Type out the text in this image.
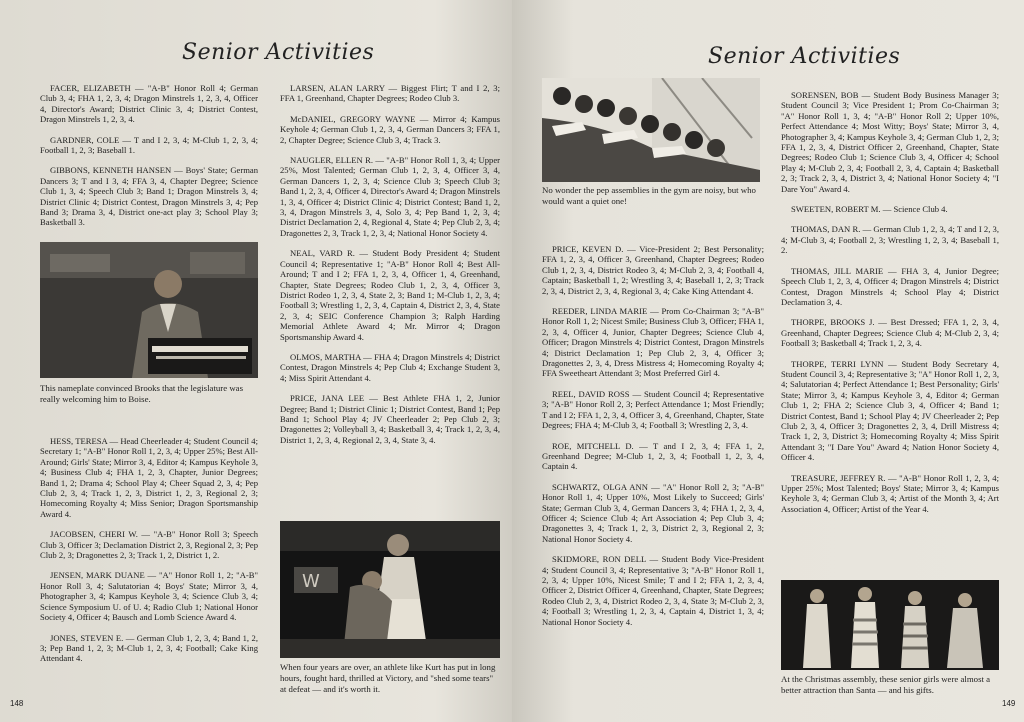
Senior Activities

FACER, ELIZABETH — "A-B" Honor Roll 4; German Club 3, 4; FHA 1, 2, 3, 4; Dragon Minstrels 1, 2, 3, 4, Officer 4, Director's Award; District Clinic 3, 4; District Contest, Dragon Minstrels 1, 2, 3, 4.

GARDNER, COLE — T and I 2, 3, 4; M-Club 1, 2, 3, 4; Football 1, 2, 3; Baseball 1.

GIBBONS, KENNETH HANSEN — Boys' State; German Dancers 3; T and I 3, 4; FFA 3, 4, Chapter Degree; Science Club 1, 3, 4; Speech Club 3; Band 1; Dragon Minstrels 3, 4; District Clinic 4; District Contest, Dragon Minstrels 3, 4; Pep Band 3; Drama 3, 4, District one-act play 3; School Play 3; Basketball 3.

This nameplate convinced Brooks that the legislature was really welcoming him to Boise.

HESS, TERESA — Head Cheerleader 4; Student Council 4; Secretary 1; "A-B" Honor Roll 1, 2, 3, 4; Upper 25%; Best All-Around; Girls' State; Mirror 3, 4, Editor 4; Kampus Keyhole 3, 4; Business Club 4; FHA 1, 2, 3, Chapter, Junior Degrees; Band 1, 2; Drama 4; School Play 4; Cheer Squad 2, 3, 4; Pep Club 2, 3, 4; Track 1, 2, 3, District 1, 2, 3, Regional 2, 3; Homecoming Royalty 4; Miss Senior; Dragon Sportsmanship Award 4.

JACOBSEN, CHERI W. — "A-B" Honor Roll 3; Speech Club 3, Officer 3; Declamation District 2, 3, Regional 2, 3; Pep Club 2, 3; Dragonettes 2, 3; Track 1, 2, District 1, 2.

JENSEN, MARK DUANE — "A" Honor Roll 1, 2; "A-B" Honor Roll 3, 4; Salutatorian 4; Boys' State; Mirror 3, 4, Photographer 3, 4; Kampus Keyhole 3, 4; Science Club 3, 4; Science Symposium U. of U. 4; Radio Club 1; National Honor Society 4, Officer 4; Bausch and Lomb Science Award 4.

JONES, STEVEN E. — German Club 1, 2, 3, 4; Band 1, 2, 3; Pep Band 1, 2, 3; M-Club 1, 2, 3, 4; Football; Cake King Attendant 4.

LARSEN, ALAN LARRY — Biggest Flirt; T and I 2, 3; FFA 1, Greenhand, Chapter Degrees; Rodeo Club 3.

McDANIEL, GREGORY WAYNE — Mirror 4; Kampus Keyhole 4; German Club 1, 2, 3, 4, German Dancers 3; FFA 1, 2, Chapter Degree; Science Club 3, 4; Track 3.

NAUGLER, ELLEN R. — "A-B" Honor Roll 1, 3, 4; Upper 25%, Most Talented; German Club 1, 2, 3, 4, Officer 3, 4, German Dancers 1, 2, 3, 4; Science Club 3; Speech Club 3; Band 1, 2, 3, 4, Officer 4, Director's Award 4; Dragon Minstrels 1, 3, 4, Officer 4; District Clinic 4; District Contest; Band 1, 2, 3, 4, Dragon Minstrels 3, 4, Solo 3, 4; Pep Band 1, 2, 3, 4; District Declamation 2, 4, Regional 4, State 4; Pep Club 2, 3, 4; Dragonettes 2, 3, Track 1, 2, 3, 4; National Honor Society 4.

NEAL, VARD R. — Student Body President 4; Student Council 4; Representative 1; "A-B" Honor Roll 4; Best All-Around; T and I 2; FFA 1, 2, 3, 4, Officer 1, 4, Greenhand, Chapter, State Degrees; Rodeo Club 1, 2, 3, 4, Officer 3, District Rodeo 1, 2, 3, 4, State 2, 3; Band 1; M-Club 1, 2, 3, 4; Football 3; Wrestling 1, 2, 3, 4, Captain 4, District 2, 3, 4, State 2, 3, 4; SEIC Conference Champion 3; Ralph Harding Memorial Athlete Award 4; Mr. Mirror 4; Dragon Sportsmanship Award 4.

OLMOS, MARTHA — FHA 4; Dragon Minstrels 4; District Contest, Dragon Minstrels 4; Pep Club 4; Exchange Student 3, 4; Miss Spirit Attendant 4.

PRICE, JANA LEE — Best Athlete FHA 1, 2, Junior Degree; Band 1; District Clinic 1; District Contest, Band 1; Pep Band 1; School Play 4; JV Cheerleader 2; Pep Club 2, 3; Dragonettes 2; Volleyball 3, 4; Basketball 3, 4; Track 1, 2, 3, 4, District 1, 2, 3, 4, Regional 2, 3, 4, State 3, 4.

W
When four years are over, an athlete like Kurt has put in long hours, fought hard, thrilled at Victory, and "shed some tears" at defeat — and it's worth it.
148
Senior Activities
No wonder the pep assemblies in the gym are noisy, but who would want a quiet one!

PRICE, KEVEN D. — Vice-President 2; Best Personality; FFA 1, 2, 3, 4, Officer 3, Greenhand, Chapter Degrees; Rodeo Club 1, 2, 3, 4, District Rodeo 3, 4; M-Club 2, 3, 4; Football 4, Captain; Basketball 1, 2; Wrestling 3, 4; Baseball 1, 2, 3; Track 2, 3, 4, District 2, 3, 4, Regional 3, 4; Cake King Attendant 4.

REEDER, LINDA MARIE — Prom Co-Chairman 3; "A-B" Honor Roll 1, 2; Nicest Smile; Business Club 3, Officer; FHA 1, 2, 3, 4, Officer 4, Junior, Chapter Degrees; Science Club 4, Officer; Dragon Minstrels 4; District Contest, Dragon Minstrels 4; District Declamation 1; Pep Club 2, 3, 4, Officer 3; Dragonettes 2, 3, 4, Dress Mistress 4; Homecoming Royalty 4; FFA Sweetheart Attendant 3; Most Preferred Girl 4.

REEL, DAVID ROSS — Student Council 4; Representative 3; "A-B" Honor Roll 2, 3; Perfect Attendance 1; Most Friendly; T and I 2; FFA 1, 2, 3, 4, Officer 3, 4, Greenhand, Chapter, State Degrees; FHA 4; M-Club 3, 4; Football 3; Wrestling 2, 3, 4.

ROE, MITCHELL D. — T and I 2, 3, 4; FFA 1, 2, Greenhand Degree; M-Club 1, 2, 3, 4; Football 1, 2, 3, 4, Captain 4.

SCHWARTZ, OLGA ANN — "A" Honor Roll 2, 3; "A-B" Honor Roll 1, 4; Upper 10%, Most Likely to Succeed; Girls' State; German Club 3, 4, German Dancers 3, 4; FHA 1, 2, 3, 4, Officer 4; Science Club 4; Art Association 4; Pep Club 3, 4; Dragonettes 3, 4; Track 1, 2, 3, District 2, 3, Regional 2, 3; National Honor Society 4.

SKIDMORE, RON DELL — Student Body Vice-President 4; Student Council 3, 4; Representative 3; "A-B" Honor Roll 1, 2, 3, 4; Upper 10%, Nicest Smile; T and I 2; FFA 1, 2, 3, 4, Officer 2, District Officer 4, Greenhand, Chapter, State Degrees; Rodeo Club 2, 3, 4, District Rodeo 2, 3, 4, State 3; M-Club 2, 3, 4; Football 3; Wrestling 1, 2, 3, 4, Captain 4, District 1, 3, 4; National Honor Society 4.

SORENSEN, BOB — Student Body Business Manager 3; Student Council 3; Vice President 1; Prom Co-Chairman 3; "A" Honor Roll 1, 3, 4; "A-B" Honor Roll 2; Upper 10%, Perfect Attendance 4; Most Witty; Boys' State; Mirror 3, 4, Photographer 3, 4; Kampus Keyhole 3, 4; German Club 1, 2, 3; FFA 1, 2, 3, 4, District Officer 2, Greenhand, Chapter, State Degrees; Rodeo Club 1; Science Club 3, 4, Officer 4; School Play 4; M-Club 2, 3, 4; Football 2, 3, 4, Captain 4; Basketball 2, 3; Track 2, 3, 4, District 3, 4; National Honor Society 4; "I Dare You" Award 4.

SWEETEN, ROBERT M. — Science Club 4.

THOMAS, DAN R. — German Club 1, 2, 3, 4; T and I 2, 3, 4; M-Club 3, 4; Football 2, 3; Wrestling 1, 2, 3, 4; Baseball 1, 2.

THOMAS, JILL MARIE — FHA 3, 4, Junior Degree; Speech Club 1, 2, 3, 4, Officer 4; Dragon Minstrels 4; District Contest, Dragon Minstrels 4; School Play 4; District Declamation 3, 4.

THORPE, BROOKS J. — Best Dressed; FFA 1, 2, 3, 4, Greenhand, Chapter Degrees; Science Club 4; M-Club 2, 3, 4; Football 3; Basketball 4; Track 1, 2, 3, 4.

THORPE, TERRI LYNN — Student Body Secretary 4, Student Council 3, 4; Representative 3; "A" Honor Roll 1, 2, 3, 4; Salutatorian 4; Perfect Attendance 1; Best Personality; Girls' State; Mirror 3, 4; Kampus Keyhole 3, 4, Editor 4; German Club 1, 2; FHA 2; Science Club 3, 4, Officer 4; Band 1; District Contest, Band 1; School Play 4; JV Cheerleader 2; Pep Club 2, 3, 4, Officer 3; Dragonettes 2, 3, 4, Drill Mistress 4; Track 1, 2, 3, District 3; Homecoming Royalty 4; Miss Spirit Attendant 3; "I Dare You" Award 4; Nation Honor Society 4, Officer 4.

TREASURE, JEFFREY R. — "A-B" Honor Roll 1, 2, 3, 4; Upper 25%; Most Talented; Boys' State; Mirror 3, 4; Kampus Keyhole 3, 4; German Club 3, 4; Artist of the Month 3, 4; Art Association 4, Officer; Artist of the Year 4.

At the Christmas assembly, these senior girls were almost a better attraction than Santa — and his gifts.
149
